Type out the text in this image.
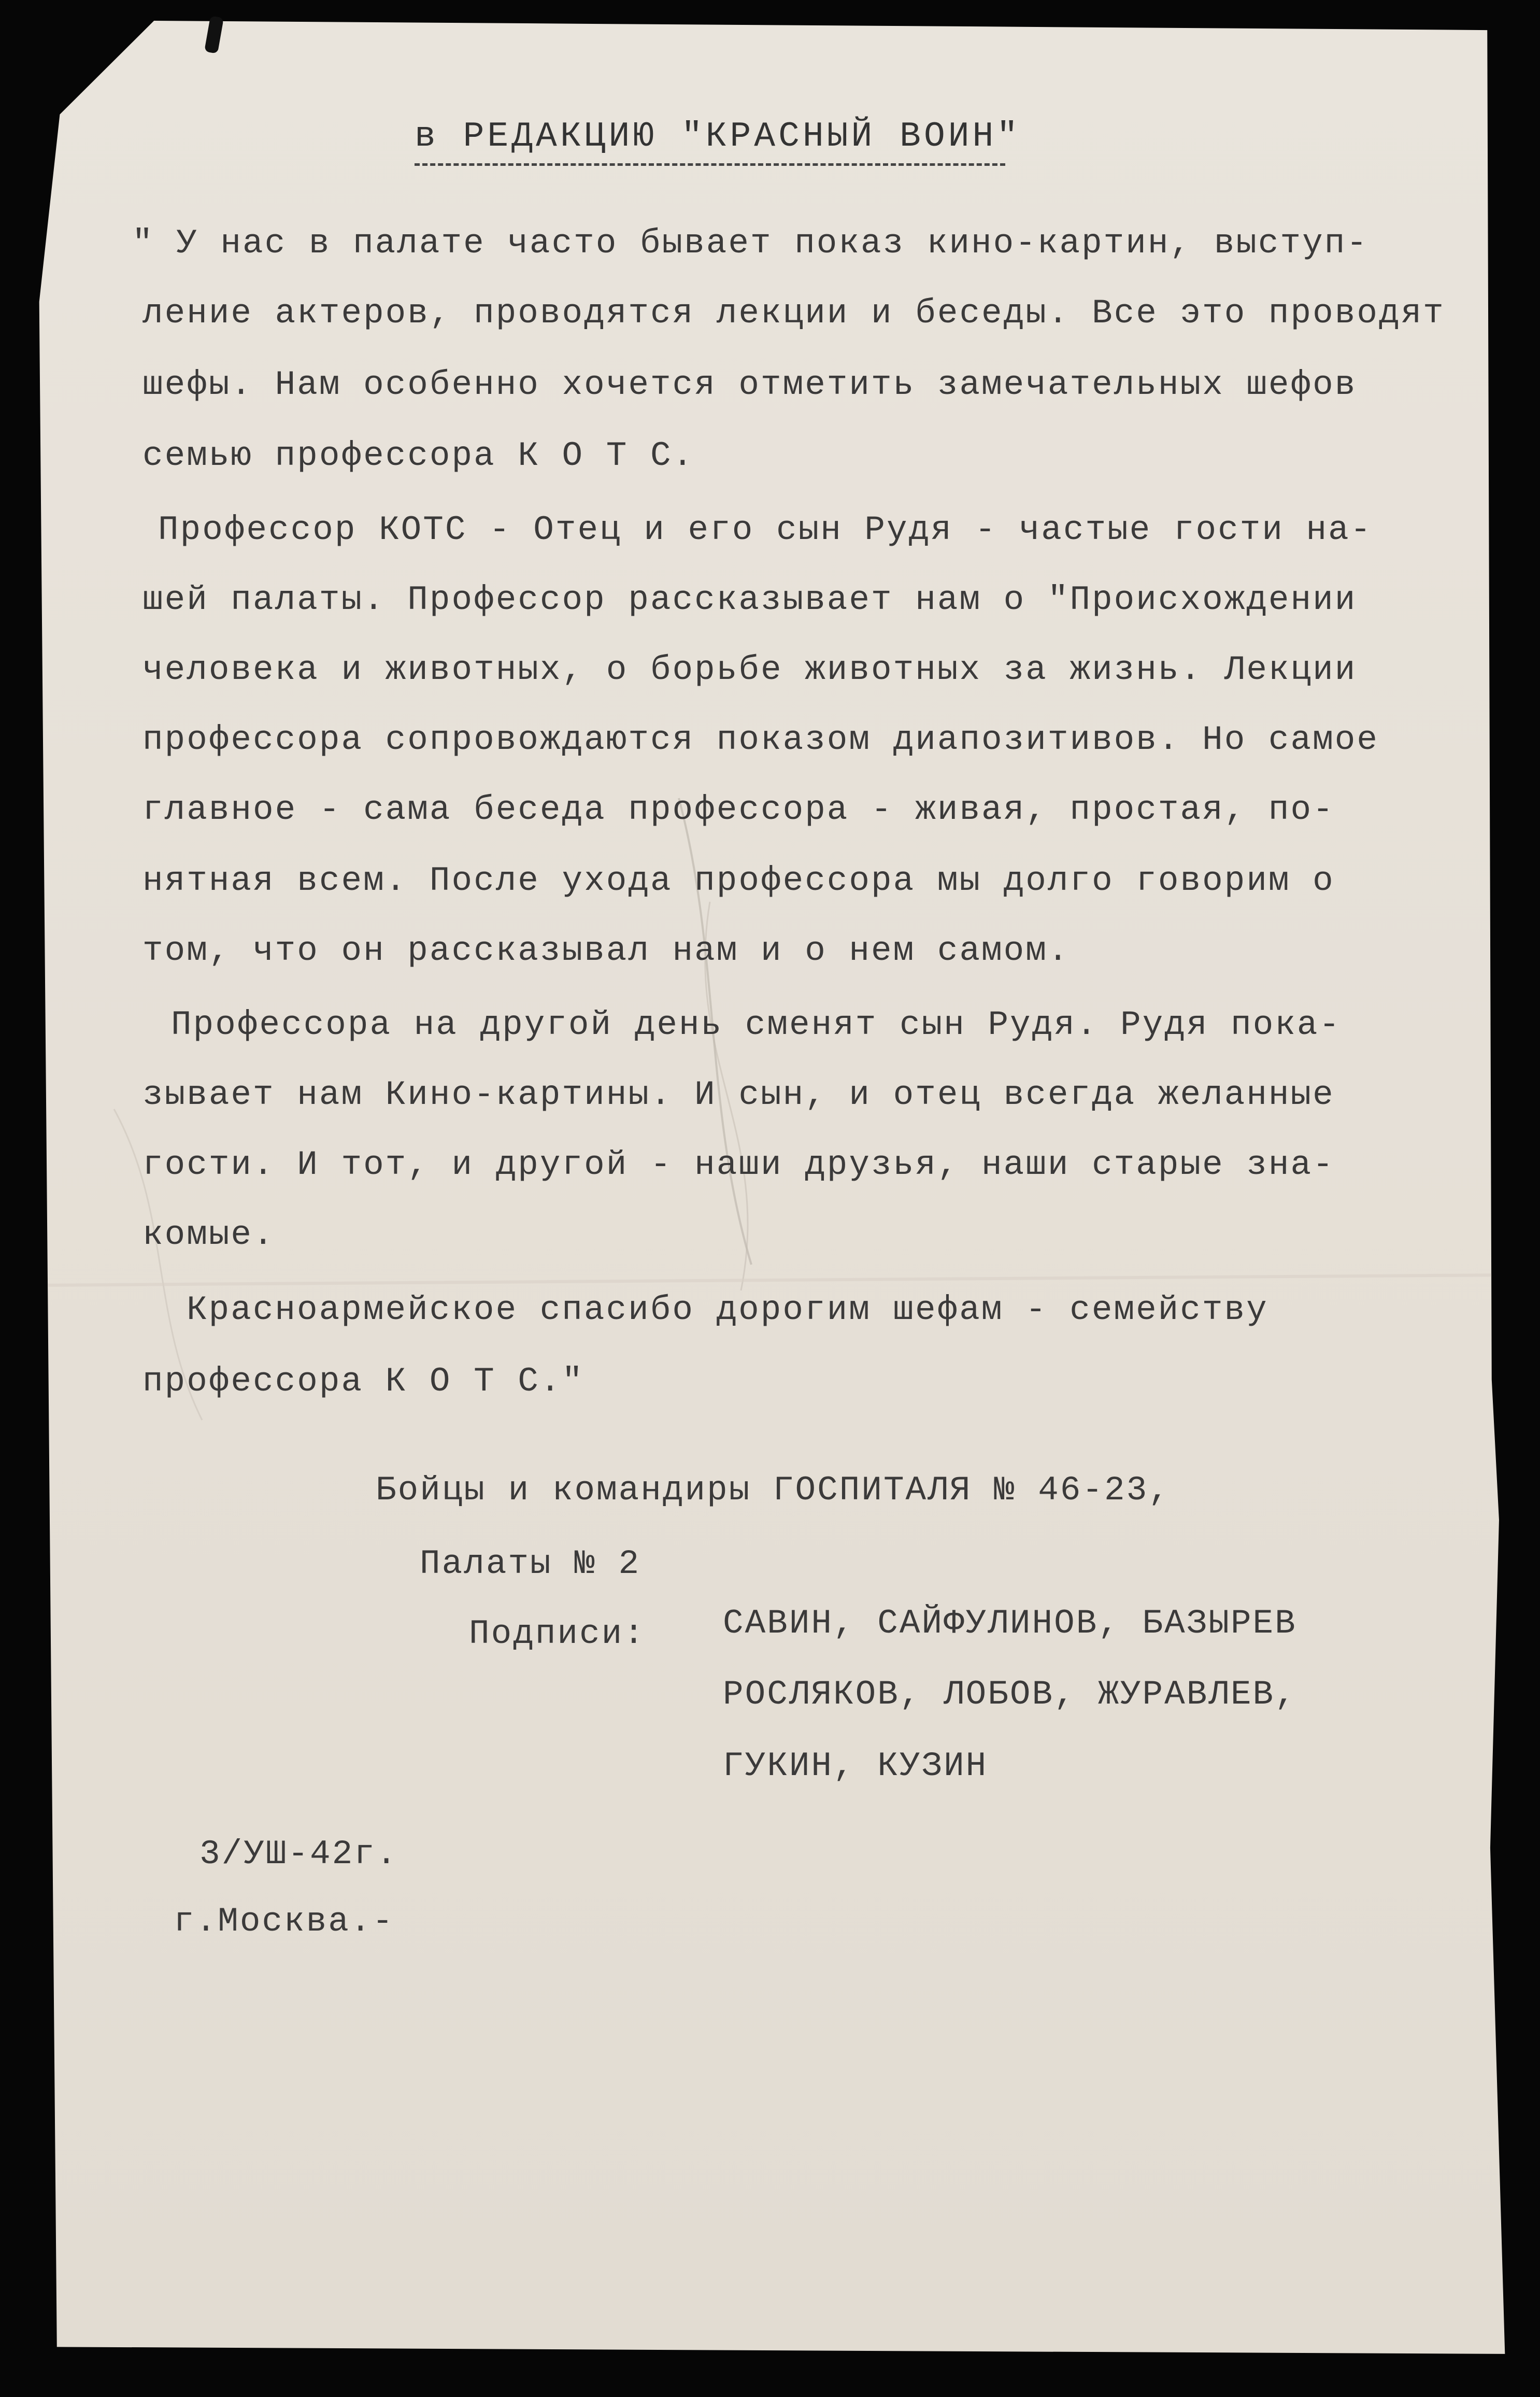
в РЕДАКЦИЮ "КРАСНЫЙ ВОИН"
" У нас в палате часто бывает показ кино-картин, выступ-
ление актеров, проводятся лекции и беседы. Все это проводят
шефы. Нам особенно хочется отметить замечательных шефов
семью профессора К О Т С.
Профессор КОТС - Отец и его сын Рудя - частые гости на-
шей палаты. Профессор рассказывает нам о "Происхождении
человека и животных, о борьбе животных за жизнь. Лекции
профессора сопровождаются показом диапозитивов. Но самое
главное - сама беседа профессора - живая, простая, по-
нятная всем. После ухода профессора мы долго говорим о
том, что он рассказывал нам и о нем самом.
Профессора на другой день сменят сын Рудя. Рудя пока-
зывает нам Кино-картины. И сын, и отец всегда желанные
гости. И тот, и другой - наши друзья, наши старые зна-
комые.
Красноармейское спасибо дорогим шефам - семейству
профессора К О Т С."
Бойцы и командиры ГОСПИТАЛЯ № 46-23,
Палаты № 2
Подписи: САВИН, САЙФУЛИНОВ, БАЗЫРЕВ
РОСЛЯКОВ, ЛОБОВ, ЖУРАВЛЕВ,
ГУКИН, КУЗИН
3/УШ-42г.
г.Москва.-
